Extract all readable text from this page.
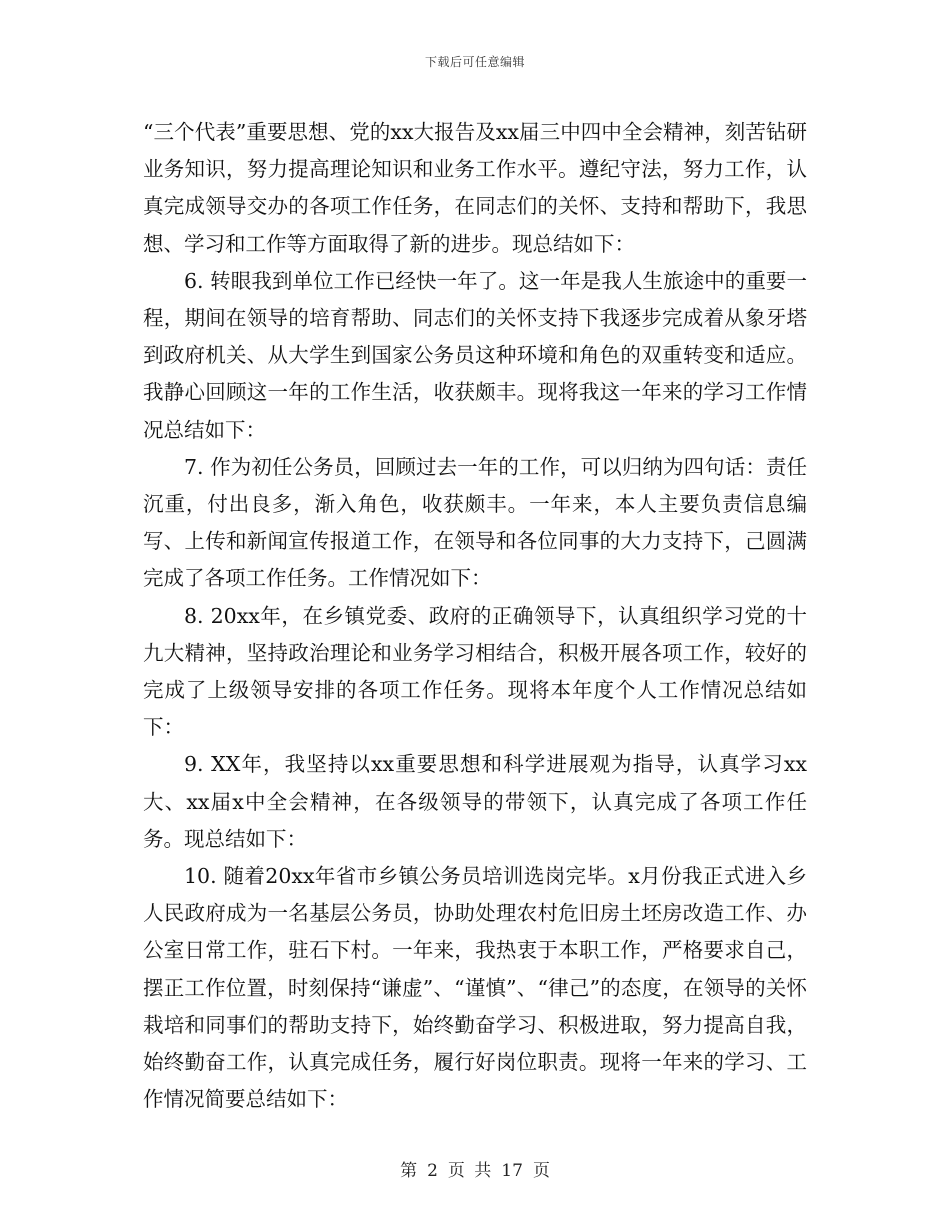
下载后可任意编辑

“三个代表”重要思想、党的xx大报告及xx届三中四中全会精神，刻苦钻研业务知识，努力提高理论知识和业务工作水平。遵纪守法，努力工作，认真完成领导交办的各项工作任务，在同志们的关怀、支持和帮助下，我思想、学习和工作等方面取得了新的进步。现总结如下：

6. 转眼我到单位工作已经快一年了。这一年是我人生旅途中的重要一程，期间在领导的培育帮助、同志们的关怀支持下我逐步完成着从象牙塔到政府机关、从大学生到国家公务员这种环境和角色的双重转变和适应。我静心回顾这一年的工作生活，收获颇丰。现将我这一年来的学习工作情况总结如下：

7. 作为初任公务员，回顾过去一年的工作，可以归纳为四句话：责任沉重，付出良多，渐入角色，收获颇丰。一年来，本人主要负责信息编写、上传和新闻宣传报道工作，在领导和各位同事的大力支持下，己圆满完成了各项工作任务。工作情况如下：

8. 20xx年，在乡镇党委、政府的正确领导下，认真组织学习党的十九大精神，坚持政治理论和业务学习相结合，积极开展各项工作，较好的完成了上级领导安排的各项工作任务。现将本年度个人工作情况总结如下：

9. XX年，我坚持以xx重要思想和科学进展观为指导，认真学习xx大、xx届x中全会精神，在各级领导的带领下，认真完成了各项工作任务。现总结如下：

10. 随着20xx年省市乡镇公务员培训选岗完毕。x月份我正式进入乡人民政府成为一名基层公务员，协助处理农村危旧房土坯房改造工作、办公室日常工作，驻石下村。一年来，我热衷于本职工作，严格要求自己，摆正工作位置，时刻保持“谦虚”、“谨慎”、“律己”的态度，在领导的关怀栽培和同事们的帮助支持下，始终勤奋学习、积极进取，努力提高自我，始终勤奋工作，认真完成任务，履行好岗位职责。现将一年来的学习、工作情况简要总结如下：

第 2 页 共 17 页
